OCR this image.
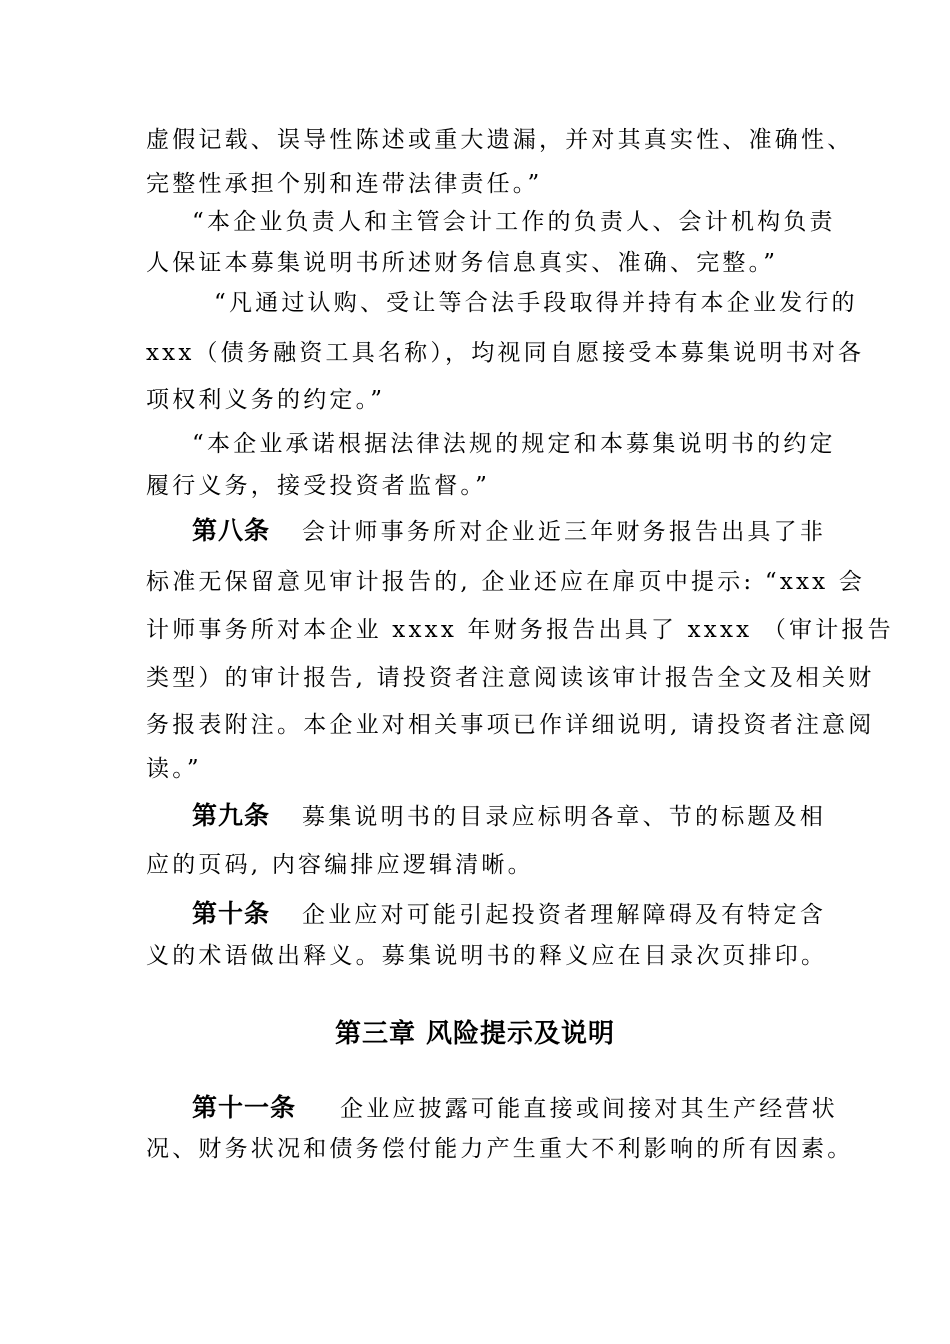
虚假记载、误导性陈述或重大遗漏，并对其真实性、准确性、
完整性承担个别和连带法律责任。”
“本企业负责人和主管会计工作的负责人、会计机构负责
人保证本募集说明书所述财务信息真实、准确、完整。”
“凡通过认购、受让等合法手段取得并持有本企业发行的
xxx（债务融资工具名称），均视同自愿接受本募集说明书对各
项权利义务的约定。”
“本企业承诺根据法律法规的规定和本募集说明书的约定
履行义务，接受投资者监督。”
第八条 会计师事务所对企业近三年财务报告出具了非
标准无保留意见审计报告的, 企业还应在扉页中提示: “xxx 会
计师事务所对本企业 xxxx 年财务报告出具了 xxxx （审计报告
类型）的审计报告, 请投资者注意阅读该审计报告全文及相关财
务报表附注。本企业对相关事项已作详细说明, 请投资者注意阅
读。”
第九条 募集说明书的目录应标明各章、节的标题及相
应的页码, 内容编排应逻辑清晰。
第十条 企业应对可能引起投资者理解障碍及有特定含
义的术语做出释义。募集说明书的释义应在目录次页排印。
第三章 风险提示及说明
第十一条 企业应披露可能直接或间接对其生产经营状
况、财务状况和债务偿付能力产生重大不利影响的所有因素。
